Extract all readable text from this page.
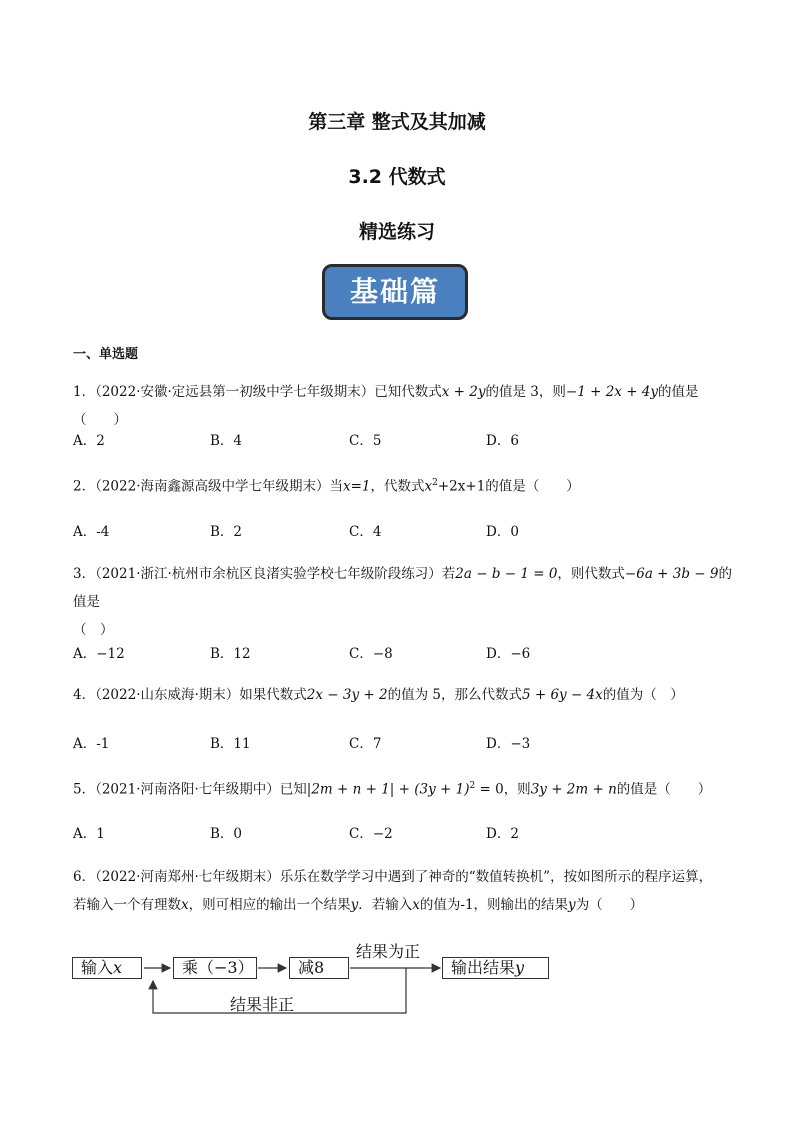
第三章 整式及其加减
3.2 代数式
精选练习
基础篇
一、单选题
1．（2022·安徽·定远县第一初级中学七年级期末）已知代数式x + 2y的值是 3，则−1 + 2x + 4y的值是（　　）
A．2	B．4	C．5	D．6
2．（2022·海南鑫源高级中学七年级期末）当x=1，代数式$x^2+2x+1$的值是（　　）
A．-4	B．2	C．4	D．0
3．（2021·浙江·杭州市余杭区良渚实验学校七年级阶段练习）若2a − b − 1 = 0，则代数式−6a + 3b − 9的值是
（　）
A．−12	B．12	C．−8	D．−6
4．（2022·山东威海·期末）如果代数式2x − 3y + 2的值为 5，那么代数式5 + 6y − 4x的值为（　）
A．-1	B．11	C．7	D．−3
5．（2021·河南洛阳·七年级期中）已知$|2m + n + 1| + (3y + 1)^2 = 0$，则3y + 2m + n的值是（　　）
A．1	B．0	C．−2	D．2
6．（2022·河南郑州·七年级期末）乐乐在数学学习中遇到了神奇的“数值转换机”，按如图所示的程序运算，
若输入一个有理数x，则可相应的输出一个结果y．若输入x的值为-1，则输出的结果y为（　　）
输入x	乘（−3）	减8
结果为正
输出结果y
结果非正
